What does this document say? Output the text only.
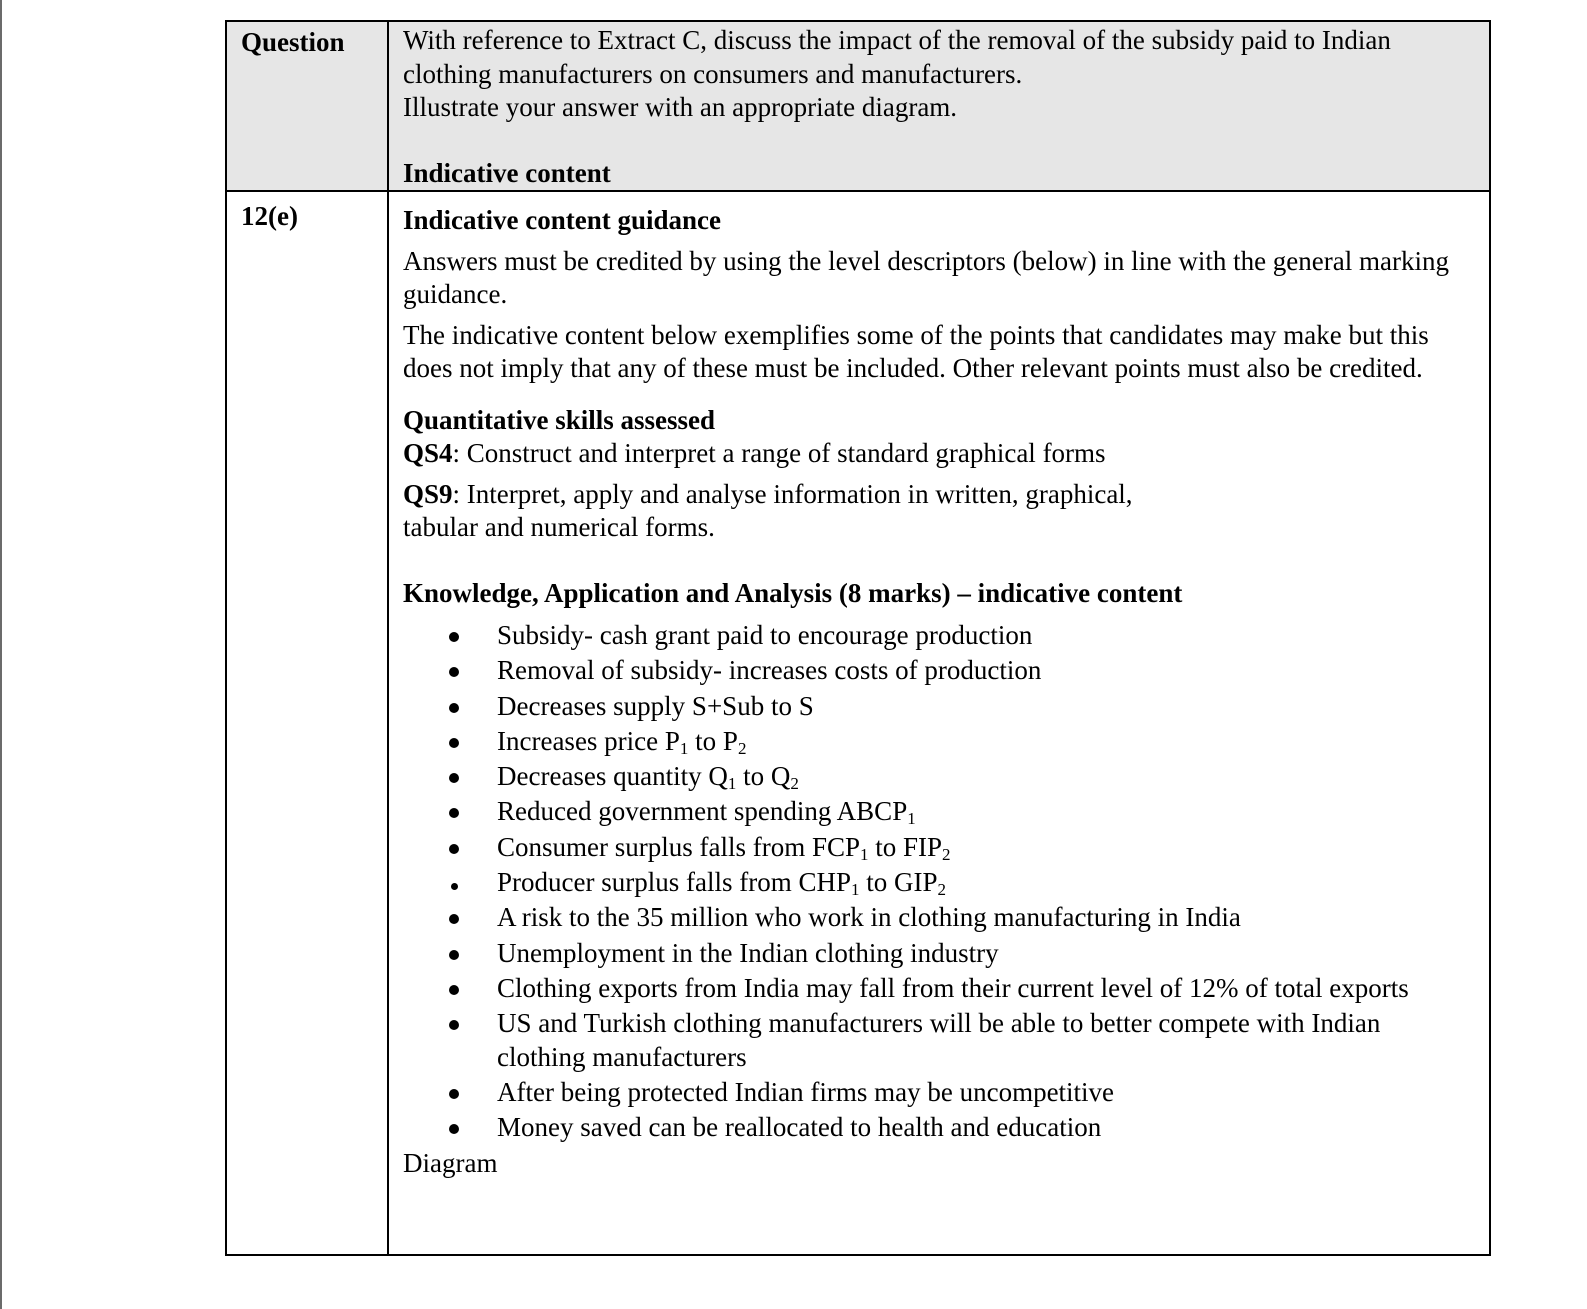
Question	With reference to Extract C, discuss the impact of the removal of the subsidy paid to Indian
clothing manufacturers on consumers and manufacturers.
Illustrate your answer with an appropriate diagram.
Indicative content

12(e)	Indicative content guidance
Answers must be credited by using the level descriptors (below) in line with the general marking guidance.
The indicative content below exemplifies some of the points that candidates may make but this does not imply that any of these must be included. Other relevant points must also be credited.
Quantitative skills assessed
QS4: Construct and interpret a range of standard graphical forms
QS9: Interpret, apply and analyse information in written, graphical, tabular and numerical forms.
Knowledge, Application and Analysis (8 marks) – indicative content
Subsidy- cash grant paid to encourage production
Removal of subsidy- increases costs of production
Decreases supply S+Sub to S
Increases price $P_1$ to $P_2$
Decreases quantity $Q_1$ to $Q_2$
Reduced government spending $ABCP_1$
Consumer surplus falls from $FCP_1$ to $FIP_2$
Producer surplus falls from $CHP_1$ to $GIP_2$
A risk to the 35 million who work in clothing manufacturing in India
Unemployment in the Indian clothing industry
Clothing exports from India may fall from their current level of 12% of total exports
US and Turkish clothing manufacturers will be able to better compete with Indian clothing manufacturers
After being protected Indian firms may be uncompetitive
Money saved can be reallocated to health and education
Diagram
